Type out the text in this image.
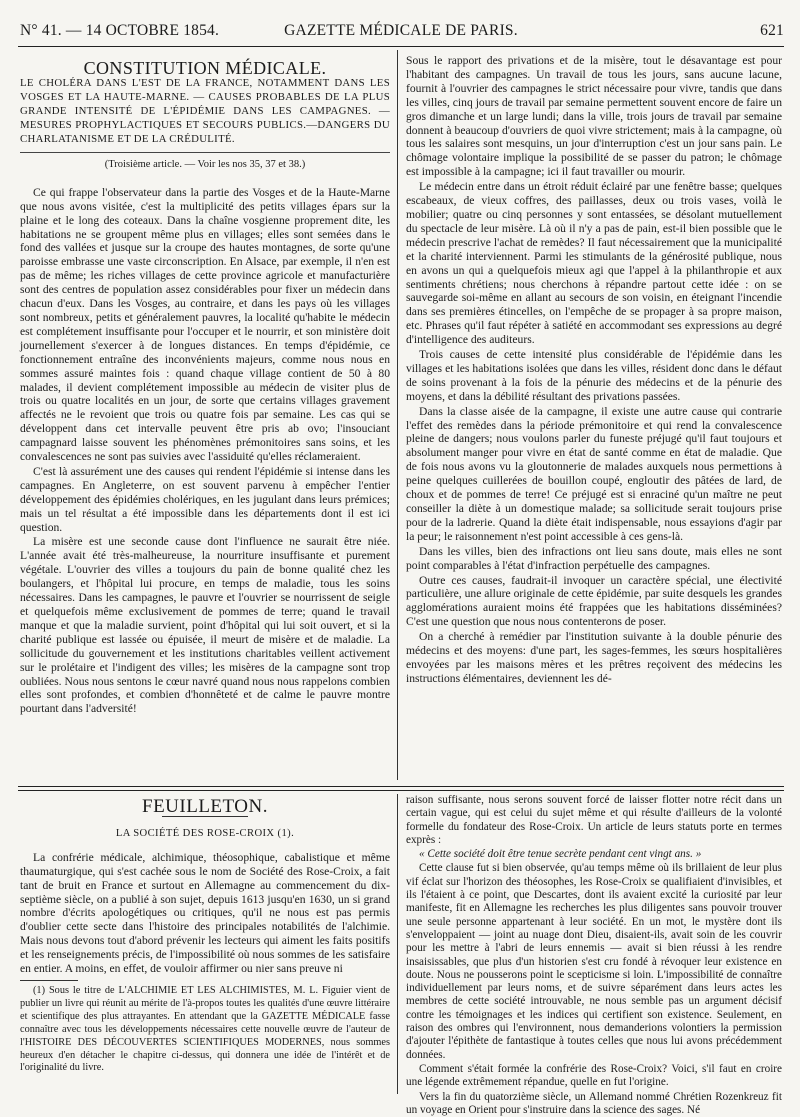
N° 41. — 14 OCTOBRE 1854.	GAZETTE MÉDICALE DE PARIS.	621
CONSTITUTION MÉDICALE.

LE CHOLÉRA DANS L'EST DE LA FRANCE, NOTAMMENT DANS LES VOSGES ET LA HAUTE-MARNE. — CAUSES PROBABLES DE LA PLUS GRANDE INTENSITÉ DE L'ÉPIDÉMIE DANS LES CAMPAGNES. —MESURES PROPHYLACTIQUES ET SECOURS PUBLICS.—DANGERS DU CHARLATANISME ET DE LA CRÉDULITÉ.

(Troisième article. — Voir les nos 35, 37 et 38.)

Ce qui frappe l'observateur dans la partie des Vosges et de la Haute-Marne que nous avons visitée, c'est la multiplicité des petits villages épars sur la plaine et le long des coteaux. Dans la chaîne vosgienne proprement dite, les habitations ne se groupent même plus en villages; elles sont semées dans le fond des vallées et jusque sur la croupe des hautes montagnes, de sorte qu'une paroisse embrasse une vaste circonscription. En Alsace, par exemple, il n'en est pas de même; les riches villages de cette province agricole et manufacturière sont des centres de population assez considérables pour fixer un médecin dans chacun d'eux. Dans les Vosges, au contraire, et dans les pays où les villages sont nombreux, petits et généralement pauvres, la localité qu'habite le médecin est complétement insuffisante pour l'occuper et le nourrir, et son ministère doit journellement s'exercer à de longues distances. En temps d'épidémie, ce fonctionnement entraîne des inconvénients majeurs, comme nous nous en sommes assuré maintes fois : quand chaque village contient de 50 à 80 malades, il devient complétement impossible au médecin de visiter plus de trois ou quatre localités en un jour, de sorte que certains villages gravement affectés ne le revoient que trois ou quatre fois par semaine. Les cas qui se développent dans cet intervalle peuvent être pris ab ovo; l'insouciant campagnard laisse souvent les phénomènes prémonitoires sans soins, et les convalescences ne sont pas suivies avec l'assiduité qu'elles réclameraient.

C'est là assurément une des causes qui rendent l'épidémie si intense dans les campagnes. En Angleterre, on est souvent parvenu à empêcher l'entier développement des épidémies cholériques, en les jugulant dans leurs prémices; mais un tel résultat a été impossible dans les départements dont il est ici question.

La misère est une seconde cause dont l'influence ne saurait être niée. L'année avait été très-malheureuse, la nourriture insuffisante et purement végétale. L'ouvrier des villes a toujours du pain de bonne qualité chez les boulangers, et l'hôpital lui procure, en temps de maladie, tous les soins nécessaires. Dans les campagnes, le pauvre et l'ouvrier se nourrissent de seigle et quelquefois même exclusivement de pommes de terre; quand le travail manque et que la maladie survient, point d'hôpital qui lui soit ouvert, et si la charité publique est lassée ou épuisée, il meurt de misère et de maladie. La sollicitude du gouvernement et les institutions charitables veillent activement sur le prolétaire et l'indigent des villes; les misères de la campagne sont trop oubliées. Nous nous sentons le cœur navré quand nous nous rappelons combien elles sont profondes, et combien d'honnêteté et de calme le pauvre montre pourtant dans l'adversité!

Sous le rapport des privations et de la misère, tout le désavantage est pour l'habitant des campagnes. Un travail de tous les jours, sans aucune lacune, fournit à l'ouvrier des campagnes le strict nécessaire pour vivre, tandis que dans les villes, cinq jours de travail par semaine permettent souvent encore de faire un gros dimanche et un large lundi; dans la ville, trois jours de travail par semaine donnent à beaucoup d'ouvriers de quoi vivre strictement; mais à la campagne, où tous les salaires sont mesquins, un jour d'interruption c'est un jour sans pain. Le chômage volontaire implique la possibilité de se passer du patron; le chômage est impossible à la campagne; ici il faut travailler ou mourir.

Le médecin entre dans un étroit réduit éclairé par une fenêtre basse; quelques escabeaux, de vieux coffres, des paillasses, deux ou trois vases, voilà le mobilier; quatre ou cinq personnes y sont entassées, se désolant mutuellement du spectacle de leur misère. Là où il n'y a pas de pain, est-il bien possible que le médecin prescrive l'achat de remèdes? Il faut nécessairement que la municipalité et la charité interviennent. Parmi les stimulants de la générosité publique, nous en avons un qui a quelquefois mieux agi que l'appel à la philanthropie et aux sentiments chrétiens; nous cherchons à répandre partout cette idée : on se sauvegarde soi-même en allant au secours de son voisin, en éteignant l'incendie dans ses premières étincelles, on l'empêche de se propager à sa propre maison, etc. Phrases qu'il faut répéter à satiété en accommodant ses expressions au degré d'intelligence des auditeurs.

Trois causes de cette intensité plus considérable de l'épidémie dans les villages et les habitations isolées que dans les villes, résident donc dans le défaut de soins provenant à la fois de la pénurie des médecins et de la pénurie des moyens, et dans la débilité résultant des privations passées.

Dans la classe aisée de la campagne, il existe une autre cause qui contrarie l'effet des remèdes dans la période prémonitoire et qui rend la convalescence pleine de dangers; nous voulons parler du funeste préjugé qu'il faut toujours et absolument manger pour vivre en état de santé comme en état de maladie. Que de fois nous avons vu la gloutonnerie de malades auxquels nous permettions à peine quelques cuillerées de bouillon coupé, engloutir des pâtées de lard, de choux et de pommes de terre! Ce préjugé est si enraciné qu'un maître ne peut conseiller la diète à un domestique malade; sa sollicitude serait toujours prise pour de la ladrerie. Quand la diète était indispensable, nous essayions d'agir par la peur; le raisonnement n'est point accessible à ces gens-là.

Dans les villes, bien des infractions ont lieu sans doute, mais elles ne sont point comparables à l'état d'infraction perpétuelle des campagnes.

Outre ces causes, faudrait-il invoquer un caractère spécial, une électivité particulière, une allure originale de cette épidémie, par suite desquels les grandes agglomérations auraient moins été frappées que les habitations disséminées? C'est une question que nous nous contenterons de poser.

On a cherché à remédier par l'institution suivante à la double pénurie des médecins et des moyens: d'une part, les sages-femmes, les sœurs hospitalières envoyées par les maisons mères et les prêtres reçoivent des médecins les instructions élémentaires, deviennent les dé-

FEUILLETON.
LA SOCIÉTÉ DES ROSE-CROIX (1).

La confrérie médicale, alchimique, théosophique, cabalistique et même thaumaturgique, qui s'est cachée sous le nom de Société des Rose-Croix, a fait tant de bruit en France et surtout en Allemagne au commencement du dix-septième siècle, on a publié à son sujet, depuis 1613 jusqu'en 1630, un si grand nombre d'écrits apologétiques ou critiques, qu'il ne nous est pas permis d'oublier cette secte dans l'histoire des principales notabilités de l'alchimie. Mais nous devons tout d'abord prévenir les lecteurs qui aiment les faits positifs et les renseignements précis, de l'impossibilité où nous sommes de les satisfaire en entier. A moins, en effet, de vouloir affirmer ou nier sans preuve ni

(1) Sous le titre de L'ALCHIMIE ET LES ALCHIMISTES, M. L. Figuier vient de publier un livre qui réunit au mérite de l'à-propos toutes les qualités d'une œuvre littéraire et scientifique des plus attrayantes. En attendant que la GAZETTE MÉDICALE fasse connaître avec tous les développements nécessaires cette nouvelle œuvre de l'auteur de l'HISTOIRE DES DÉCOUVERTES SCIENTIFIQUES MODERNES, nous sommes heureux d'en détacher le chapitre ci-dessus, qui donnera une idée de l'intérêt et de l'originalité du livre.

raison suffisante, nous serons souvent forcé de laisser flotter notre récit dans un certain vague, qui est celui du sujet même et qui résulte d'ailleurs de la volonté formelle du fondateur des Rose-Croix. Un article de leurs statuts porte en termes exprès :

« Cette société doit être tenue secrète pendant cent vingt ans. »

Cette clause fut si bien observée, qu'au temps même où ils brillaient de leur plus vif éclat sur l'horizon des théosophes, les Rose-Croix se qualifiaient d'invisibles, et ils l'étaient à ce point, que Descartes, dont ils avaient excité la curiosité par leur manifeste, fit en Allemagne les recherches les plus diligentes sans pouvoir trouver une seule personne appartenant à leur société. En un mot, le mystère dont ils s'enveloppaient — joint au nuage dont Dieu, disaient-ils, avait soin de les couvrir pour les mettre à l'abri de leurs ennemis — avait si bien réussi à les rendre insaisissables, que plus d'un historien s'est cru fondé à révoquer leur existence en doute. Nous ne pousserons point le scepticisme si loin. L'impossibilité de connaître individuellement par leurs noms, et de suivre séparément dans leurs actes les membres de cette société introuvable, ne nous semble pas un argument décisif contre les témoignages et les indices qui certifient son existence. Seulement, en raison des ombres qui l'environnent, nous demanderions volontiers la permission d'ajouter l'épithète de fantastique à toutes celles que nous lui avons précédemment données.

Comment s'était formée la confrérie des Rose-Croix? Voici, s'il faut en croire une légende extrêmement répandue, quelle en fut l'origine.

Vers la fin du quatorzième siècle, un Allemand nommé Chrétien Rozenkreuz fit un voyage en Orient pour s'instruire dans la science des sages. Né
